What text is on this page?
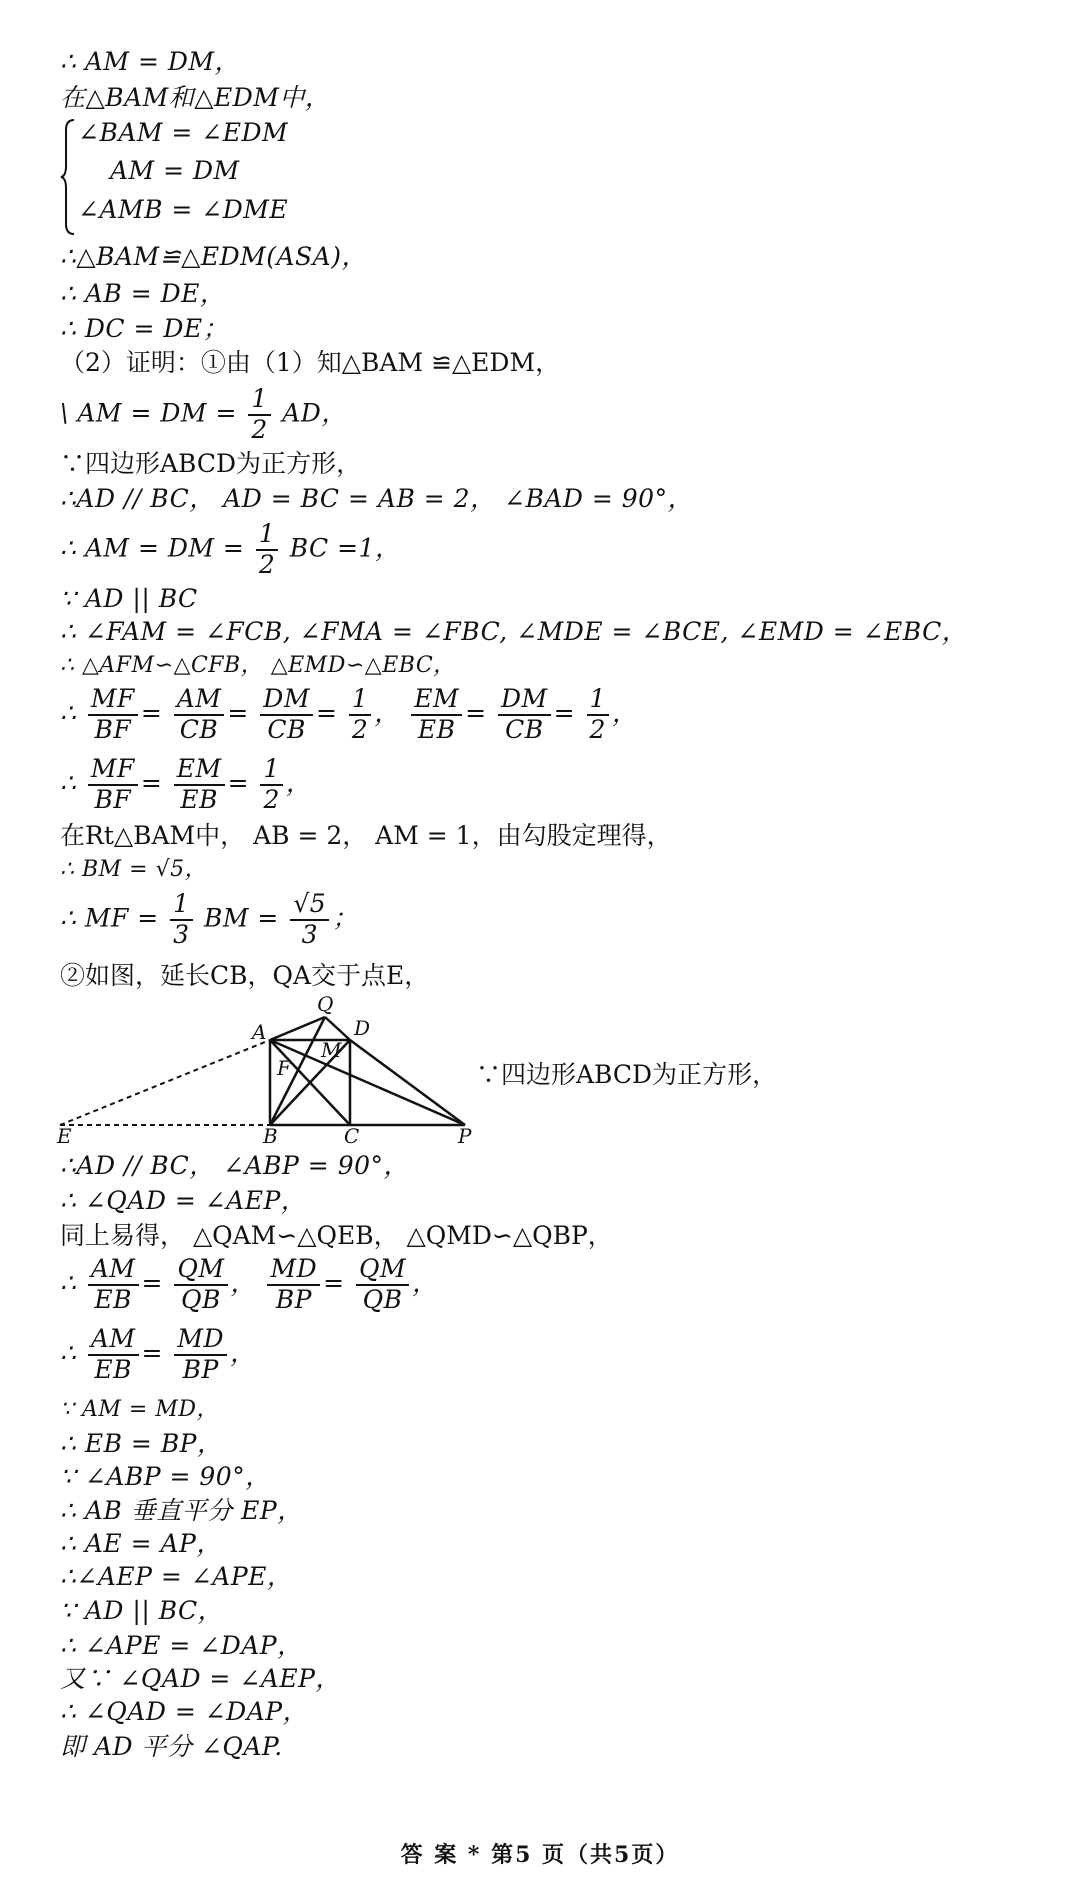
∴ AM = DM，
在△BAM和△EDM中，
∠BAM = ∠EDM
AM = DM
∠AMB = ∠DME
∴△BAM≌△EDM(ASA)，
∴ AB = DE，
∴ DC = DE；
（2）证明：①由（1）知△BAM ≌△EDM，
\ AM = DM = $\frac{1}{2}$ AD，
∵四边形ABCD为正方形，
∴AD // BC， AD = BC = AB = 2， ∠BAD = 90°，
∴ AM = DM = $\frac{1}{2}$ BC =1，
∵ AD || BC
∴ ∠FAM = ∠FCB, ∠FMA = ∠FBC, ∠MDE = ∠BCE, ∠EMD = ∠EBC，
∴ △AFM∽△CFB， △EMD∽△EBC，
∴ $\frac{MF}{BF} = \frac{AM}{CB} = \frac{DM}{CB} = \frac{1}{2}$ ， $\frac{EM}{EB} = \frac{DM}{CB} = \frac{1}{2}$ ，
∴ $\frac{MF}{BF} = \frac{EM}{EB} = \frac{1}{2}$ ，
在Rt△BAM中， AB = 2， AM = 1，由勾股定理得，
∴ BM = √5，
∴ MF = $\frac{1}{3}$ BM = $\frac{√5}{3}$ ；
②如图，延长CB，QA交于点E，
Q
A	D
M
F
E	B	C	P
∵四边形ABCD为正方形，
∴AD // BC， ∠ABP = 90°，
∴ ∠QAD = ∠AEP，
同上易得， △QAM∽△QEB， △QMD∽△QBP，
∴ $\frac{AM}{EB} = \frac{QM}{QB}$ ， $\frac{MD}{BP} = \frac{QM}{QB}$ ，
∴ $\frac{AM}{EB} = \frac{MD}{BP}$ ，
∵ AM = MD，
∴ EB = BP，
∵ ∠ABP = 90°，
∴ AB 垂直平分 EP，
∴ AE = AP，
∴∠AEP = ∠APE，
∵ AD || BC，
∴ ∠APE = ∠DAP，
又∵ ∠QAD = ∠AEP，
∴ ∠QAD = ∠DAP，
即 AD 平分 ∠QAP.
答 案 * 第5 页（共5页）
